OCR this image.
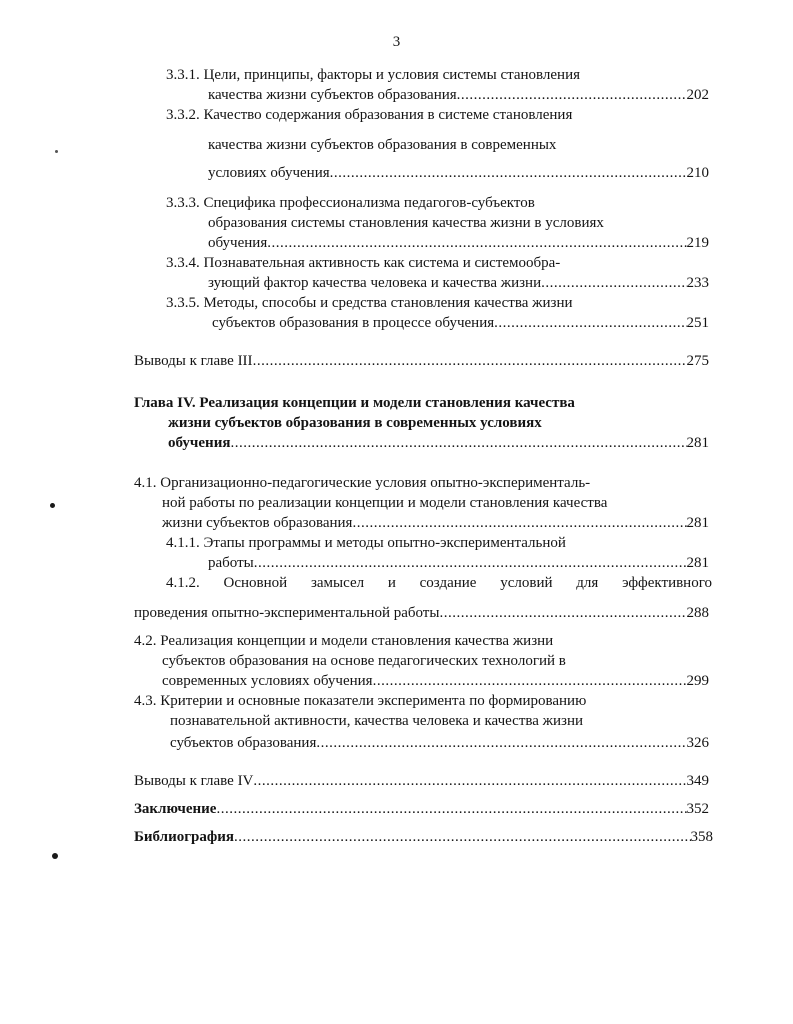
3
3.3.1. Цели, принципы, факторы и условия системы становления
качества жизни субъектов образования .....	202
3.3.2. Качество содержания образования в системе становления
качества жизни субъектов образования в современных
условиях обучения .....	210
3.3.3. Специфика профессионализма педагогов-субъектов
образования системы становления качества жизни в условиях
обучения .....	219
3.3.4. Познавательная активность как система и системообра-
зующий фактор качества человека и качества жизни .....	233
3.3.5. Методы, способы и средства становления качества жизни
субъектов образования в процессе обучения .....	251
Выводы к главе III .....	275
Глава IV. Реализация концепции и модели становления качества
жизни субъектов образования в современных условиях
обучения .....	281
4.1. Организационно-педагогические условия опытно-эксперименталь-
ной работы по реализации концепции и модели становления качества
жизни субъектов образования .....	281
4.1.1. Этапы программы и методы опытно-экспериментальной
работы .....	281
4.1.2. Основной замысел и создание условий для эффективного
проведения опытно-экспериментальной работы .....	288
4.2. Реализация концепции и модели становления качества жизни
субъектов образования на основе педагогических технологий в
современных условиях обучения .....	299
4.3. Критерии и основные показатели эксперимента по формированию
познавательной активности, качества человека и качества жизни
субъектов образования .....	326
Выводы к главе IV .....	349
Заключение .....	352
Библиография .....	358
